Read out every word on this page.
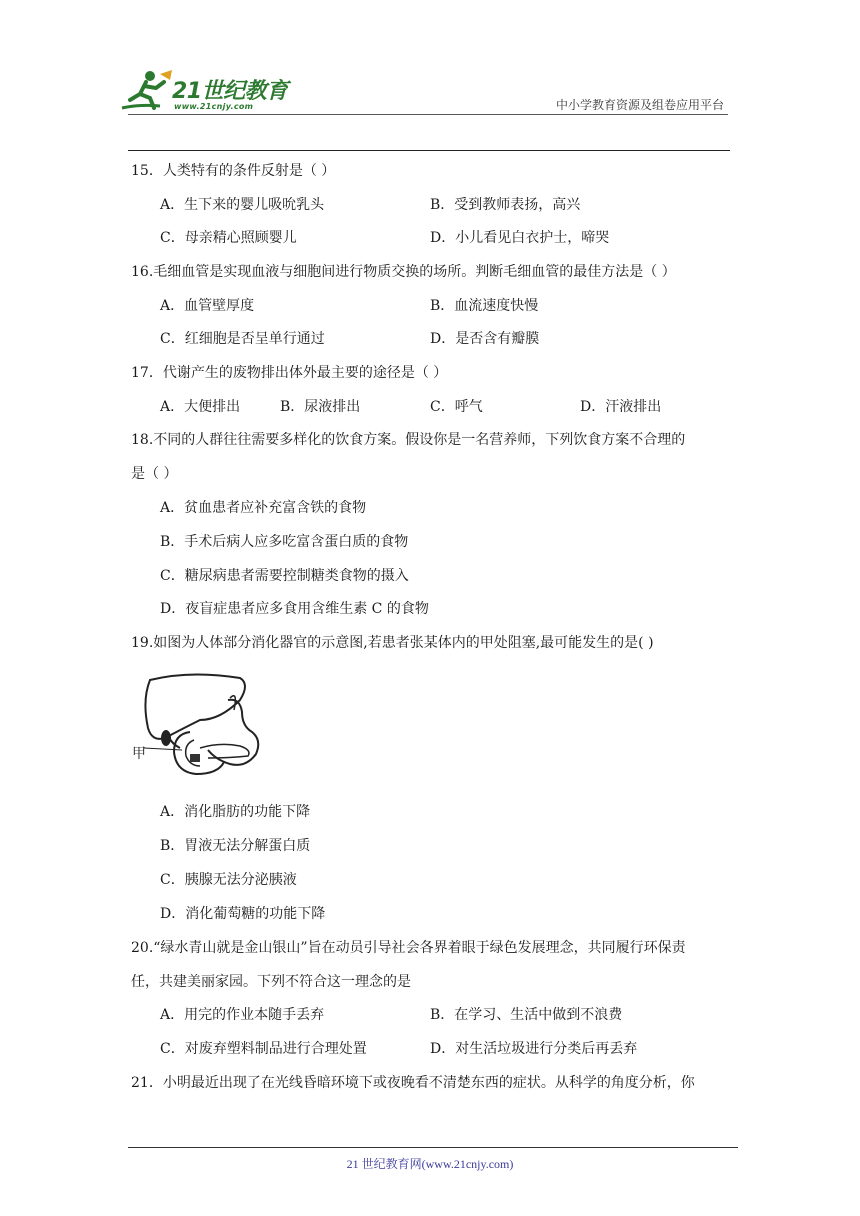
21世纪教育
www.21cnjy.com	中小学教育资源及组卷应用平台
15．人类特有的条件反射是（ ）
A．生下来的婴儿吸吮乳头	B．受到教师表扬，高兴
C．母亲精心照顾婴儿	D．小儿看见白衣护士，啼哭
16.毛细血管是实现血液与细胞间进行物质交换的场所。判断毛细血管的最佳方法是（ ）
A．血管壁厚度	B．血流速度快慢
C．红细胞是否呈单行通过	D．是否含有瓣膜
17．代谢产生的废物排出体外最主要的途径是（ ）
A．大便排出	B．尿液排出	C．呼气	D．汗液排出
18.不同的人群往往需要多样化的饮食方案。假设你是一名营养师，下列饮食方案不合理的
是（ ）
A．贫血患者应补充富含铁的食物
B．手术后病人应多吃富含蛋白质的食物
C．糖尿病患者需要控制糖类食物的摄入
D．夜盲症患者应多食用含维生素 C 的食物
19.如图为人体部分消化器官的示意图,若患者张某体内的甲处阻塞,最可能发生的是( )
甲
A．消化脂肪的功能下降
B．胃液无法分解蛋白质
C．胰腺无法分泌胰液
D．消化葡萄糖的功能下降
20.“绿水青山就是金山银山”旨在动员引导社会各界着眼于绿色发展理念，共同履行环保责
任，共建美丽家园。下列不符合这一理念的是
A．用完的作业本随手丢弃	B．在学习、生活中做到不浪费
C．对废弃塑料制品进行合理处置	D．对生活垃圾进行分类后再丢弃
21．小明最近出现了在光线昏暗环境下或夜晚看不清楚东西的症状。从科学的角度分析，你
21 世纪教育网(www.21cnjy.com)
